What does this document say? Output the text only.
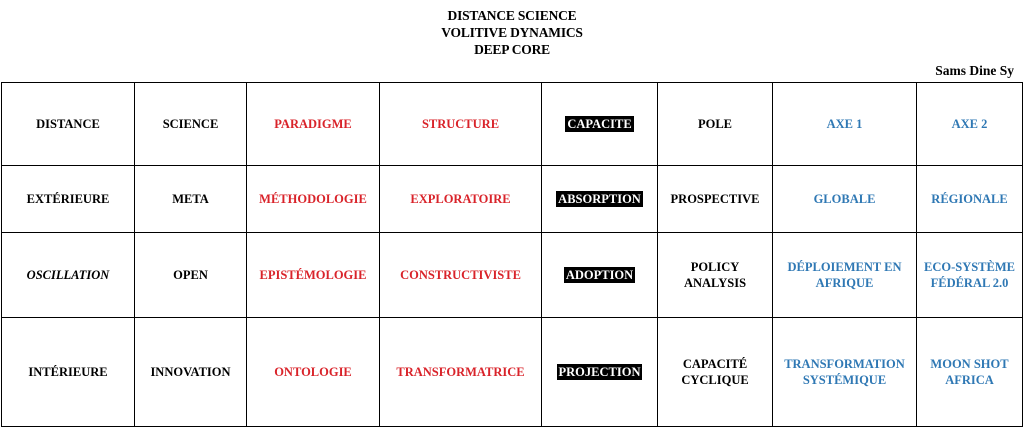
DISTANCE SCIENCE
VOLITIVE DYNAMICS
DEEP CORE
Sams Dine Sy
DISTANCE	SCIENCE	PARADIGME	STRUCTURE	CAPACITE	POLE	AXE 1	AXE 2
EXTÉRIEURE	META	MÉTHODOLOGIE	EXPLORATOIRE	ABSORPTION	PROSPECTIVE	GLOBALE	RÉGIONALE
OSCILLATION	OPEN	EPISTÉMOLOGIE	CONSTRUCTIVISTE	ADOPTION	POLICY ANALYSIS	DÉPLOIEMENT EN AFRIQUE	ECO-SYSTÈME FÉDÉRAL 2.0
INTÉRIEURE	INNOVATION	ONTOLOGIE	TRANSFORMATRICE	PROJECTION	CAPACITÉ CYCLIQUE	TRANSFORMATION SYSTÉMIQUE	MOON SHOT AFRICA
